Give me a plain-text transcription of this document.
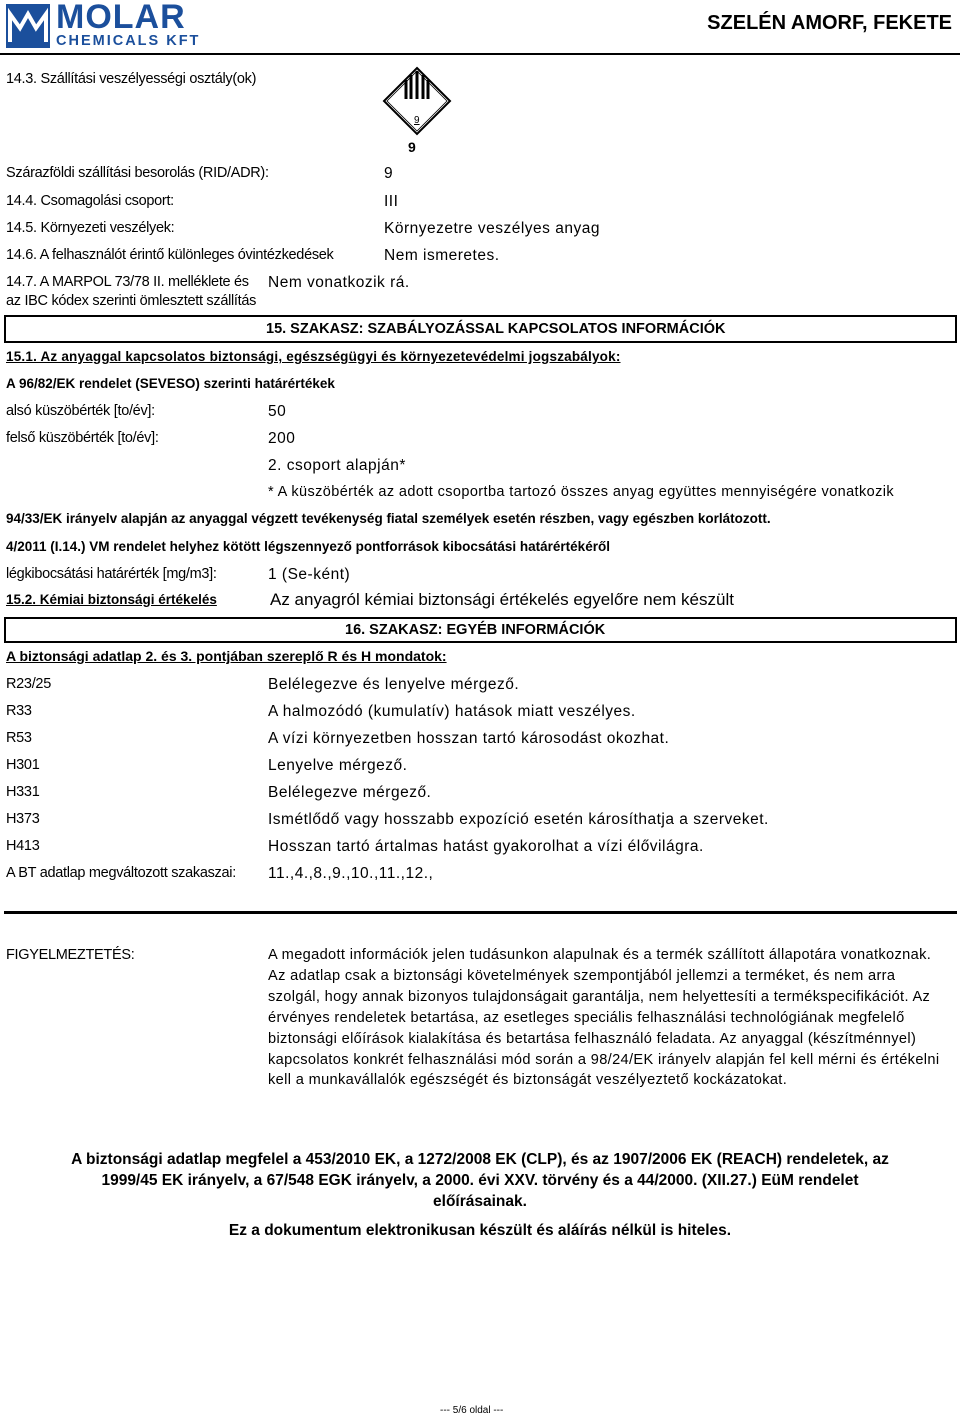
MOLAR
CHEMICALS KFT
SZELÉN AMORF, FEKETE
14.3. Szállítási veszélyességi osztály(ok)
9
9
Szárazföldi szállítási besorolás (RID/ADR):	9
14.4. Csomagolási csoport:	III
14.5. Környezeti veszélyek:	Környezetre veszélyes anyag
14.6. A felhasználót érintő különleges óvintézkedések	Nem ismeretes.
14.7. A MARPOL 73/78 II. melléklete és
az IBC kódex szerinti ömlesztett szállítás
Nem vonatkozik rá.
15. SZAKASZ: SZABÁLYOZÁSSAL KAPCSOLATOS INFORMÁCIÓK
15.1. Az anyaggal kapcsolatos biztonsági, egészségügyi és környezetevédelmi jogszabályok:
A 96/82/EK rendelet (SEVESO) szerinti határértékek
alsó küszöbérték [to/év]:	50
felső küszöbérték [to/év]:	200
2. csoport alapján*
* A küszöbérték az adott csoportba tartozó összes anyag együttes mennyiségére vonatkozik
94/33/EK irányelv alapján az anyaggal végzett tevékenység fiatal személyek esetén részben, vagy egészben korlátozott.
4/2011 (I.14.) VM rendelet helyhez kötött légszennyező pontforrások kibocsátási határértékéről
légkibocsátási határérték [mg/m3]:	1 (Se-ként)
15.2. Kémiai biztonsági értékelés	Az anyagról kémiai biztonsági értékelés egyelőre nem készült
16. SZAKASZ: EGYÉB INFORMÁCIÓK
A biztonsági adatlap 2. és 3. pontjában szereplő R és H mondatok:
R23/25	Belélegezve és lenyelve mérgező.
R33	A halmozódó (kumulatív) hatások miatt veszélyes.
R53	A vízi környezetben hosszan tartó károsodást okozhat.
H301	Lenyelve mérgező.
H331	Belélegezve mérgező.
H373	Ismétlődő vagy hosszabb expozíció esetén károsíthatja a szerveket.
H413	Hosszan tartó ártalmas hatást gyakorolhat a vízi élővilágra.
A BT adatlap megváltozott szakaszai: 11.,4.,8.,9.,10.,11.,12.,
FIGYELMEZTETÉS:	A megadott információk jelen tudásunkon alapulnak és a termék szállított állapotára vonatkoznak. Az adatlap csak a biztonsági követelmények szempontjából jellemzi a terméket, és nem arra szolgál, hogy annak bizonyos tulajdonságait garantálja, nem helyettesíti a termékspecifikációt. Az érvényes rendeletek betartása, az esetleges speciális felhasználási technológiának megfelelő biztonsági előírások kialakítása és betartása felhasználó feladata. Az anyaggal (készítménnyel) kapcsolatos konkrét felhasználási mód során a 98/24/EK irányelv alapján fel kell mérni és értékelni kell a munkavállalók egészségét és biztonságát veszélyeztető kockázatokat.
A biztonsági adatlap megfelel a 453/2010 EK, a 1272/2008 EK (CLP), és az 1907/2006 EK (REACH) rendeletek, az
1999/45 EK irányelv, a 67/548 EGK irányelv, a 2000. évi XXV. törvény és a 44/2000. (XII.27.) EüM rendelet
előírásainak.
Ez a dokumentum elektronikusan készült és aláírás nélkül is hiteles.
--- 5/6 oldal ---
